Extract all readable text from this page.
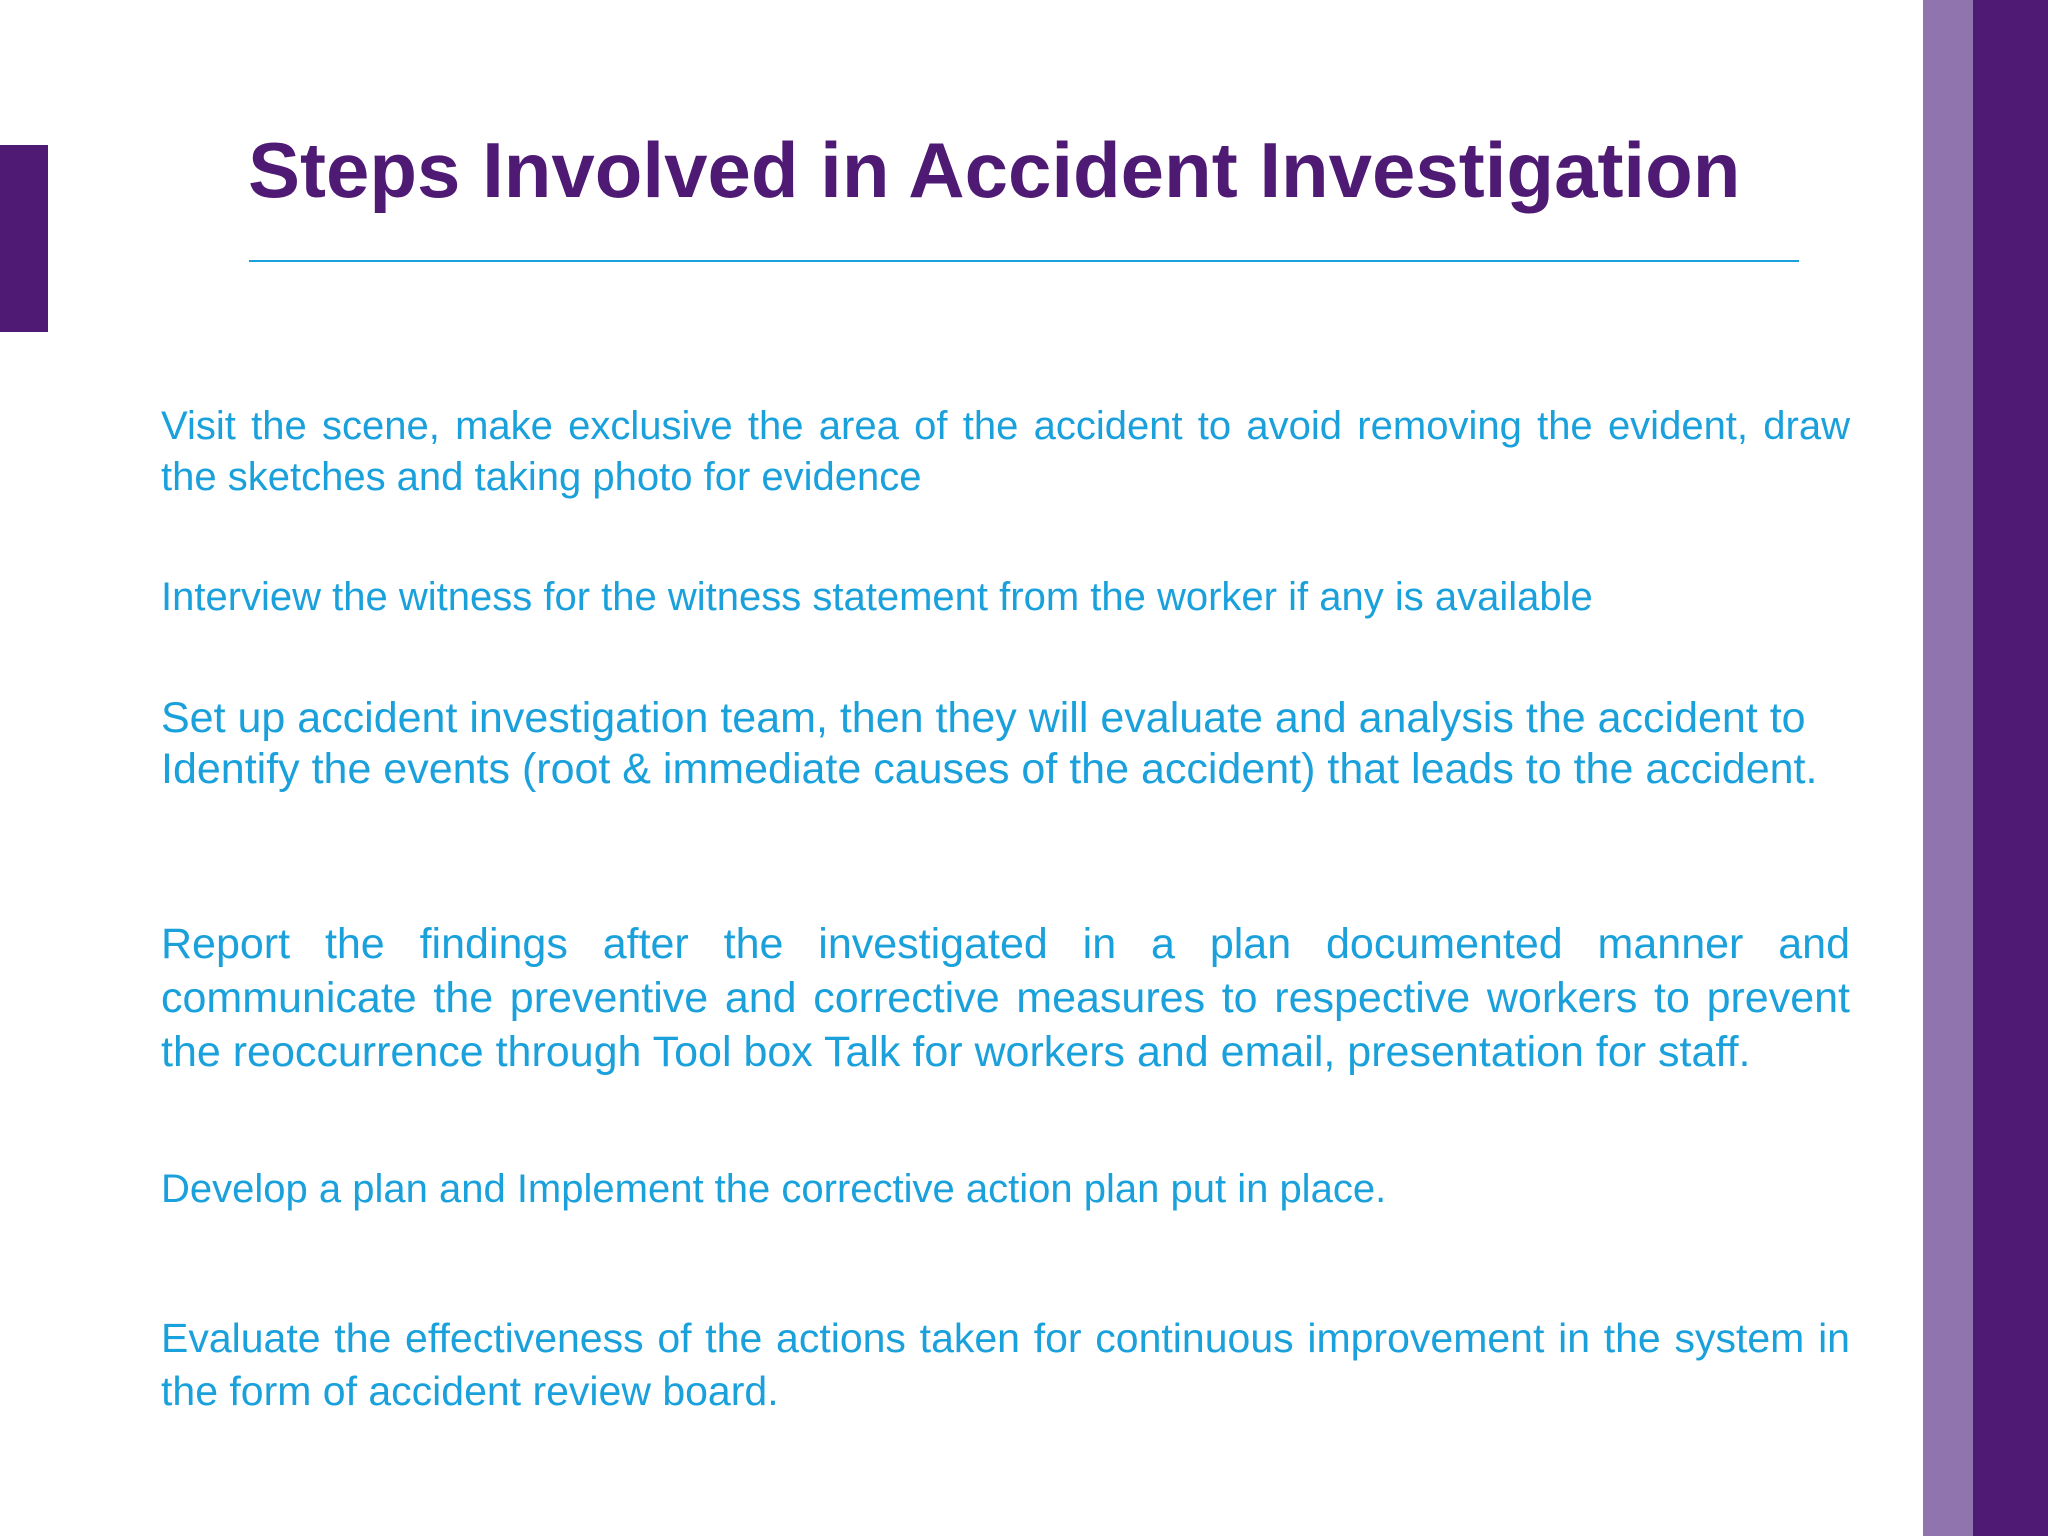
Steps Involved in Accident Investigation

Visit the scene, make exclusive the area of the accident to avoid removing the evident, draw the sketches and taking photo for evidence

Interview the witness for the witness statement from the worker if any is available

Set up accident investigation team, then they will evaluate and analysis the accident to Identify the events (root & immediate causes of the accident) that leads to the accident.

Report the findings after the investigated in a plan documented manner and communicate the preventive and corrective measures to respective workers to prevent the reoccurrence through Tool box Talk for workers and email, presentation for staff.

Develop a plan and Implement the corrective action plan put in place.

Evaluate the effectiveness of the actions taken for continuous improvement in the system in the form of accident review board.
